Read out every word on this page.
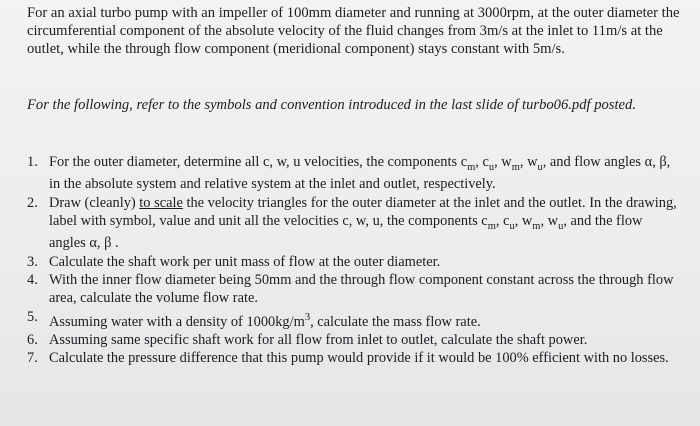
For an axial turbo pump with an impeller of 100mm diameter and running at 3000rpm, at the outer diameter the circumferential component of the absolute velocity of the fluid changes from 3m/s at the inlet to 11m/s at the outlet, while the through flow component (meridional component) stays constant with 5m/s.

For the following, refer to the symbols and convention introduced in the last slide of turbo06.pdf posted.

1. For the outer diameter, determine all c, w, u velocities, the components $c_m$, $c_u$, $w_m$, $w_u$, and flow angles α, β, in the absolute system and relative system at the inlet and outlet, respectively.
2. Draw (cleanly) to scale the velocity triangles for the outer diameter at the inlet and the outlet. In the drawing, label with symbol, value and unit all the velocities c, w, u, the components $c_m$, $c_u$, $w_m$, $w_u$, and the flow angles α, β .
3. Calculate the shaft work per unit mass of flow at the outer diameter.
4. With the inner flow diameter being 50mm and the through flow component constant across the through flow area, calculate the volume flow rate.
5. Assuming water with a density of $1000kg/m^3$, calculate the mass flow rate.
6. Assuming same specific shaft work for all flow from inlet to outlet, calculate the shaft power.
7. Calculate the pressure difference that this pump would provide if it would be 100% efficient with no losses.
